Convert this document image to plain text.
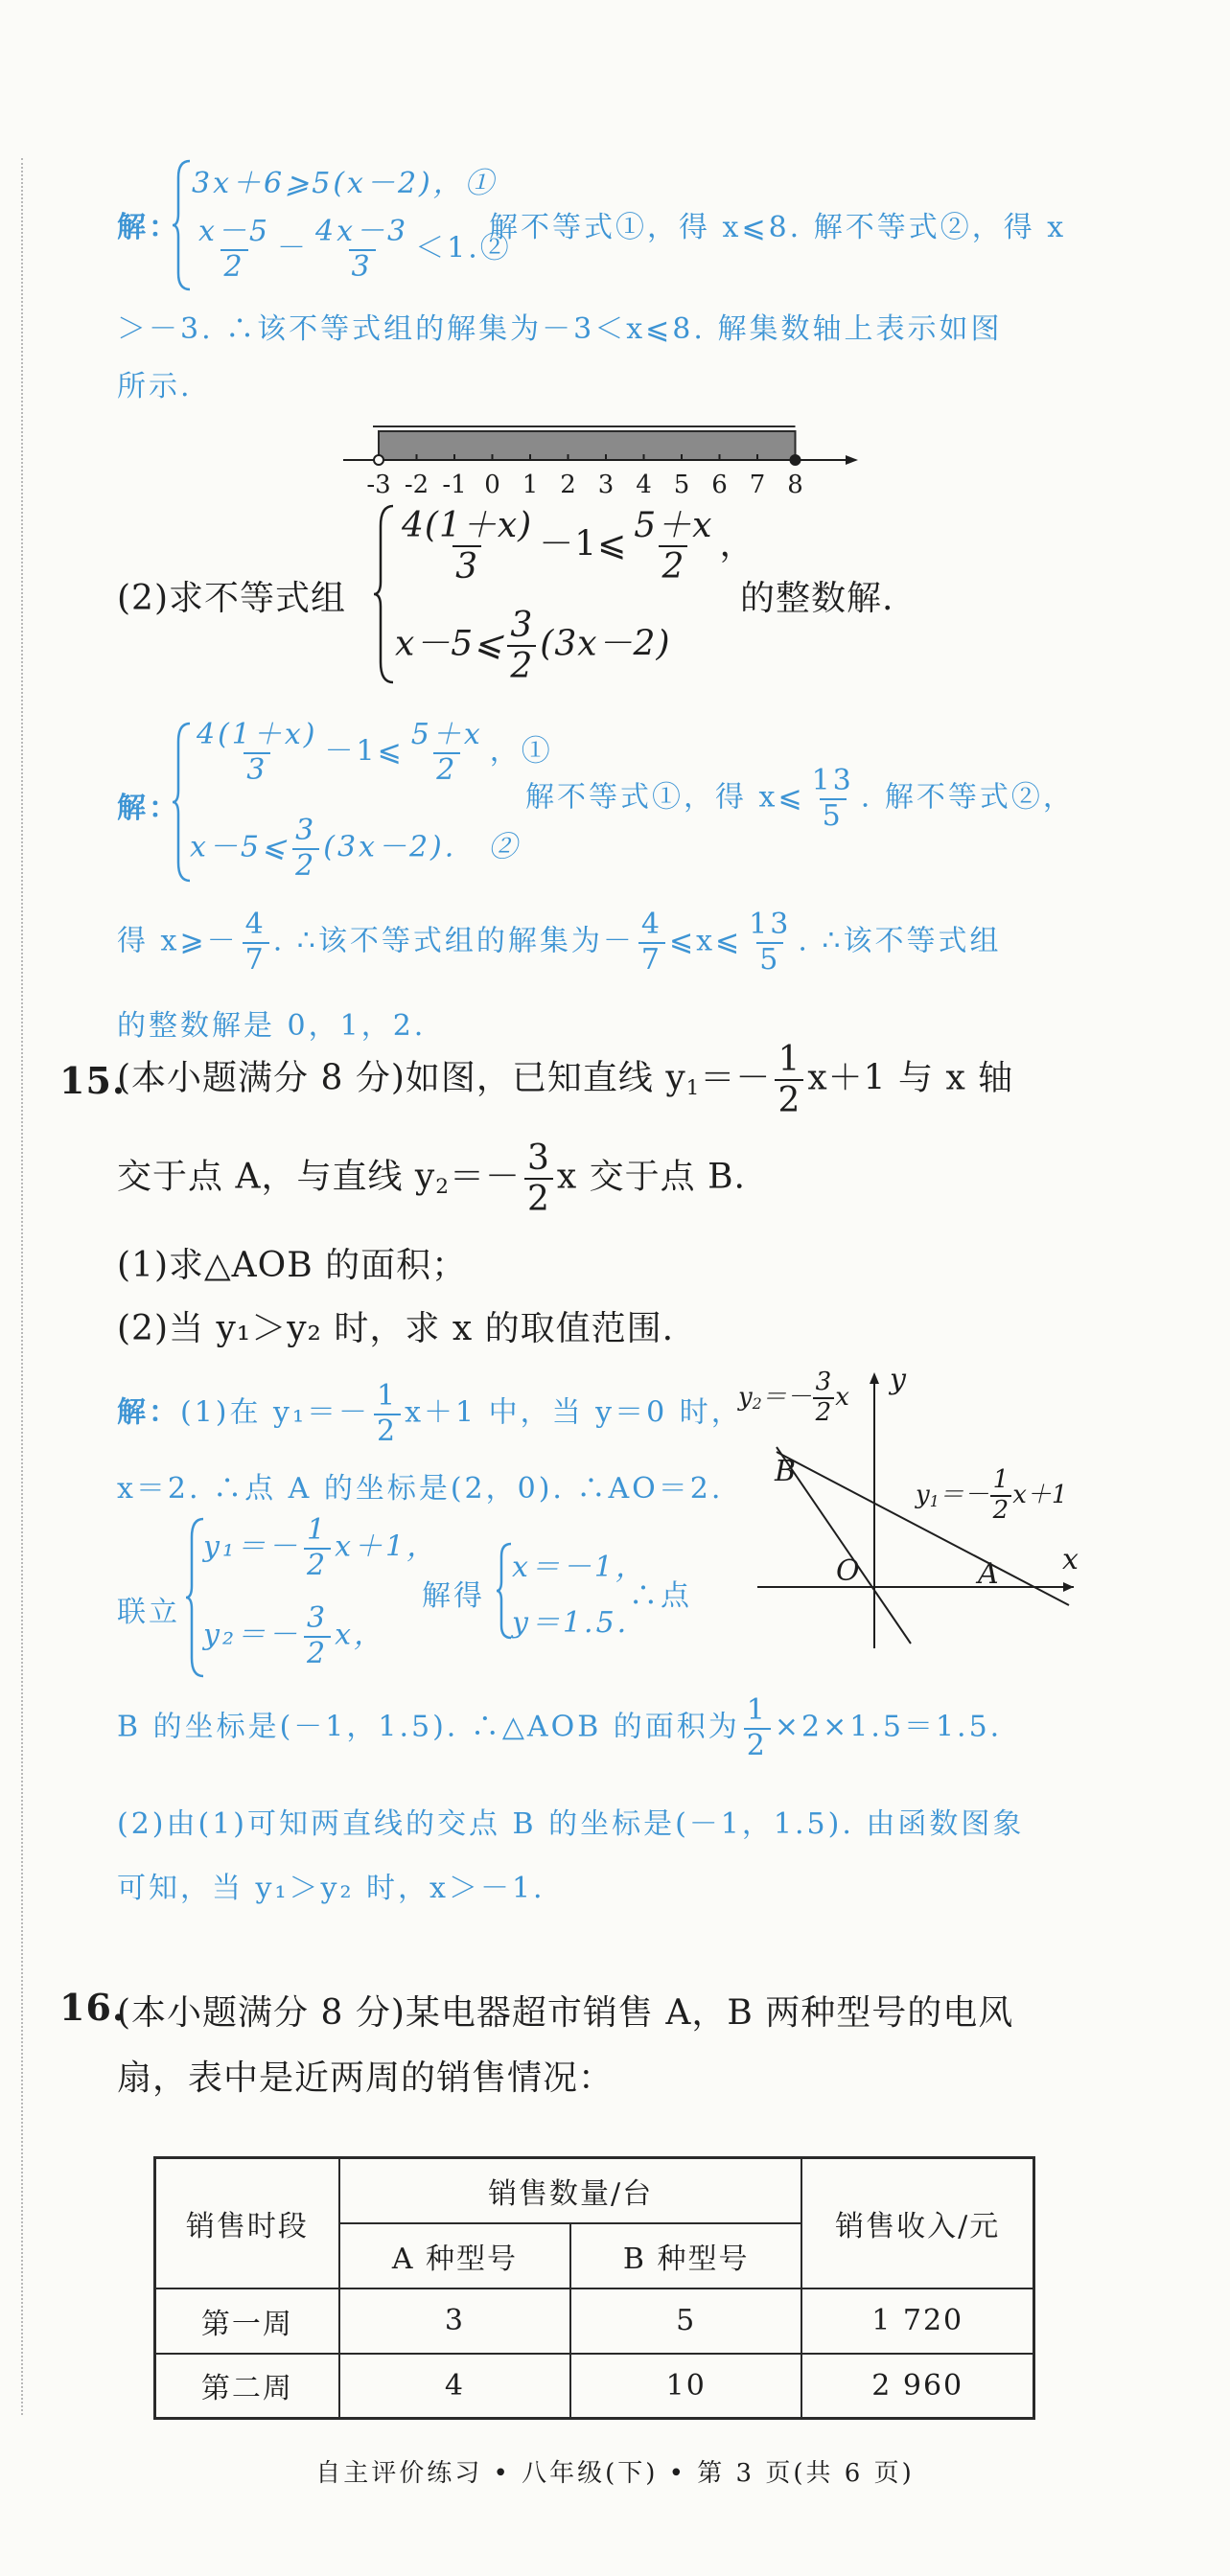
解：
3x＋6⩾5(x－2)，①
$\frac{x-5}{2} - \frac{4x-3}{3}$ ＜1.②
解不等式①，得 x⩽8. 解不等式②，得 x
＞－3. ∴该不等式组的解集为－3＜x⩽8. 解集数轴上表示如图
所示.
-3 -2 -1 0 1 2 3 4 5 6 7 8
(2)求不等式组
$\frac{4(1+x)}{3}$ －1⩽ $\frac{5+x}{2}$ ，
x－5⩽ $\frac{3}{2} (3x-2)$
的整数解.
解：
$\frac{4(1+x)}{3}$ －1⩽ $\frac{5+x}{2}$ ，①
x－5⩽ $\frac{3}{2} (3x-2)$.　②
解不等式①，得 x⩽ $\frac{13}{5}$ . 解不等式②，
得 x⩾－ $\frac{4}{7}$ . ∴该不等式组的解集为－ $\frac{4}{7}$ ⩽x⩽ $\frac{13}{5}$ . ∴该不等式组
的整数解是 0，1，2.
15.
(本小题满分 8 分)如图，已知直线 $y_1=- \frac{1}{2} x+1$ 与 x 轴
交于点 A，与直线 $y_2=- \frac{3}{2}$ x 交于点 B.
(1)求△AOB 的面积；
(2)当 y₁＞y₂ 时，求 x 的取值范围.
解：(1)在 $y_1=- \frac{1}{2} x+1$ 中，当 y＝0 时，
x＝2. ∴点 A 的坐标是(2，0). ∴AO＝2.
联立
$y_1=- \frac{1}{2} x+1$，
$y_2=- \frac{3}{2}$ x，
解得
x＝－1，
y＝1.5.
∴点
B 的坐标是(－1，1.5). ∴△AOB 的面积为 $\frac{1}{2} \times 2\times 1.5=1.5$.
(2)由(1)可知两直线的交点 B 的坐标是(－1，1.5). 由函数图象
可知，当 y₁＞y₂ 时，x＞－1.
y
x
O	A
B
$y_2=- \frac{3}{2}$ x
$y_1=- \frac{1}{2} x+1$
16.
(本小题满分 8 分)某电器超市销售 A，B 两种型号的电风
扇，表中是近两周的销售情况：
销售时段	销售数量/台		销售收入/元
	A 种型号	B 种型号	
第一周	3	5	1 720
第二周	4	10	2 960
自主评价练习 • 八年级(下) • 第 3 页(共 6 页)
